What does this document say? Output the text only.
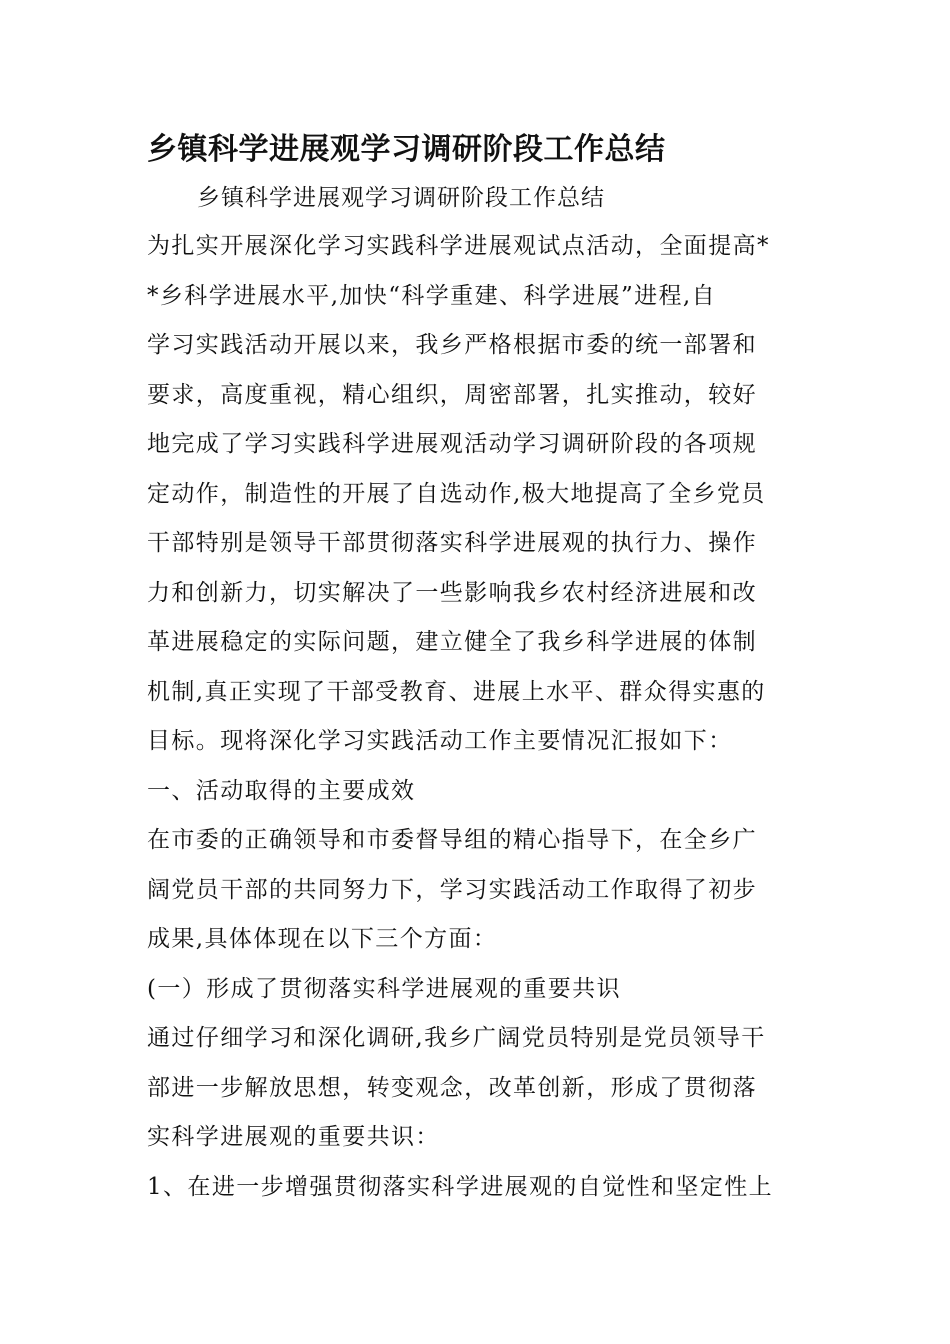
乡镇科学进展观学习调研阶段工作总结
乡镇科学进展观学习调研阶段工作总结

为扎实开展深化学习实践科学进展观试点活动，全面提高*
*乡科学进展水平,加快“科学重建、科学进展”进程,自
学习实践活动开展以来，我乡严格根据市委的统一部署和
要求，高度重视，精心组织，周密部署，扎实推动，较好
地完成了学习实践科学进展观活动学习调研阶段的各项规
定动作，制造性的开展了自选动作,极大地提高了全乡党员
干部特别是领导干部贯彻落实科学进展观的执行力、操作
力和创新力，切实解决了一些影响我乡农村经济进展和改
革进展稳定的实际问题，建立健全了我乡科学进展的体制
机制,真正实现了干部受教育、进展上水平、群众得实惠的
目标。现将深化学习实践活动工作主要情况汇报如下：

一、活动取得的主要成效

在市委的正确领导和市委督导组的精心指导下，在全乡广
阔党员干部的共同努力下，学习实践活动工作取得了初步
成果,具体体现在以下三个方面：

(一）形成了贯彻落实科学进展观的重要共识

通过仔细学习和深化调研,我乡广阔党员特别是党员领导干
部进一步解放思想，转变观念，改革创新，形成了贯彻落
实科学进展观的重要共识：

1、在进一步增强贯彻落实科学进展观的自觉性和坚定性上
